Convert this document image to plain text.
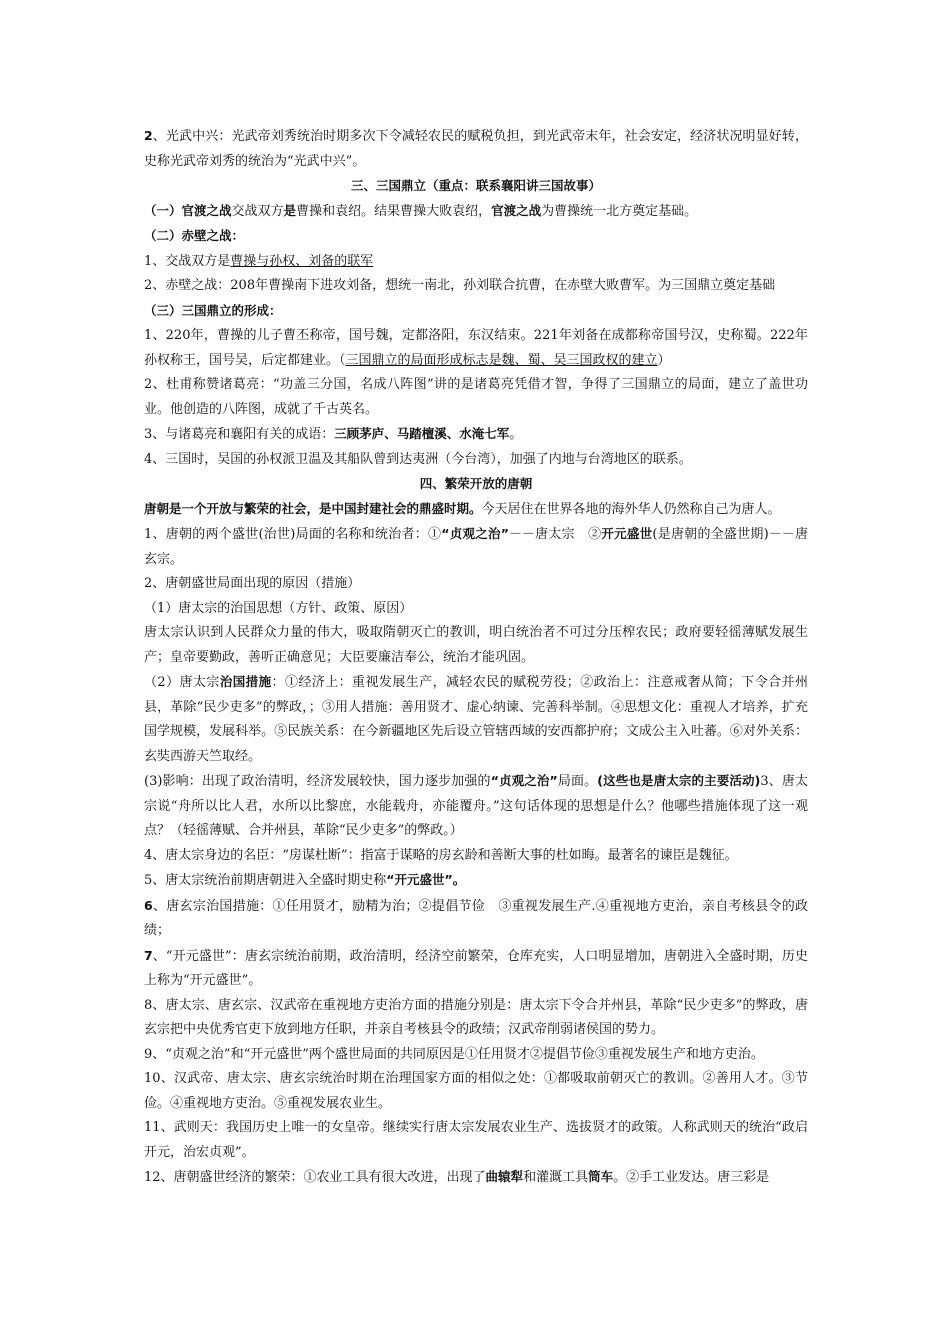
2、光武中兴：光武帝刘秀统治时期多次下令减轻农民的赋税负担，到光武帝末年，社会安定，经济状况明显好转，史称光武帝刘秀的统治为“光武中兴”。

三、三国鼎立（重点：联系襄阳讲三国故事）

（一）官渡之战交战双方是曹操和袁绍。结果曹操大败袁绍，官渡之战为曹操统一北方奠定基础。

（二）赤壁之战：

1、交战双方是曹操与孙权、刘备的联军

2、赤壁之战：208年曹操南下进攻刘备，想统一南北，孙刘联合抗曹，在赤壁大败曹军。为三国鼎立奠定基础

（三）三国鼎立的形成：

1、220年，曹操的儿子曹丕称帝，国号魏，定都洛阳，东汉结束。221年刘备在成都称帝国号汉，史称蜀。222年孙权称王，国号吴，后定都建业。（三国鼎立的局面形成标志是魏、蜀、吴三国政权的建立）

2、杜甫称赞诸葛亮：“功盖三分国，名成八阵图”讲的是诸葛亮凭借才智，争得了三国鼎立的局面，建立了盖世功业。他创造的八阵图，成就了千古英名。

3、与诸葛亮和襄阳有关的成语：三顾茅庐、马踏檀溪、水淹七军。

4、三国时，吴国的孙权派卫温及其船队曾到达夷洲（今台湾），加强了内地与台湾地区的联系。

四、繁荣开放的唐朝

唐朝是一个开放与繁荣的社会，是中国封建社会的鼎盛时期。今天居住在世界各地的海外华人仍然称自己为唐人。

1、唐朝的两个盛世(治世)局面的名称和统治者：①“贞观之治”－－唐太宗　②开元盛世(是唐朝的全盛世期)－－唐玄宗。

2、唐朝盛世局面出现的原因（措施）

（1）唐太宗的治国思想（方针、政策、原因）

唐太宗认识到人民群众力量的伟大，吸取隋朝灭亡的教训，明白统治者不可过分压榨农民；政府要轻徭薄赋发展生产；皇帝要勤政，善听正确意见；大臣要廉洁奉公，统治才能巩固。

（2）唐太宗治国措施：①经济上：重视发展生产，减轻农民的赋税劳役；②政治上：注意戒奢从简；下令合并州县，革除“民少吏多”的弊政，；③用人措施：善用贤才、虚心纳谏、完善科举制。④思想文化：重视人才培养，扩充国学规模，发展科举。⑤民族关系：在今新疆地区先后设立管辖西域的安西都护府；文成公主入吐蕃。⑥对外关系：玄奘西游天竺取经。

(3)影响：出现了政治清明，经济发展较快，国力逐步加强的“贞观之治”局面。(这些也是唐太宗的主要活动)3、唐太宗说“舟所以比人君，水所以比黎庶，水能载舟，亦能覆舟。”这句话体现的思想是什么？他哪些措施体现了这一观点？（轻徭薄赋、合并州县，革除“民少吏多”的弊政。）

4、唐太宗身边的名臣：“房谋杜断”：指富于谋略的房玄龄和善断大事的杜如晦。最著名的谏臣是魏征。

5、唐太宗统治前期唐朝进入全盛时期史称“开元盛世”。

6、唐玄宗治国措施：①任用贤才，励精为治；②提倡节俭　③重视发展生产.④重视地方吏治，亲自考核县令的政绩；

7、“开元盛世”：唐玄宗统治前期，政治清明，经济空前繁荣，仓库充实，人口明显增加，唐朝进入全盛时期，历史上称为“开元盛世”。

8、唐太宗、唐玄宗、汉武帝在重视地方吏治方面的措施分别是：唐太宗下令合并州县，革除“民少吏多”的弊政，唐玄宗把中央优秀官吏下放到地方任职，并亲自考核县令的政绩；汉武帝削弱诸侯国的势力。

9、“贞观之治”和“开元盛世”两个盛世局面的共同原因是①任用贤才②提倡节俭③重视发展生产和地方吏治。

10、汉武帝、唐太宗、唐玄宗统治时期在治理国家方面的相似之处：①都吸取前朝灭亡的教训。②善用人才。③节俭。④重视地方吏治。⑤重视发展农业生。

11、武则天：我国历史上唯一的女皇帝。继续实行唐太宗发展农业生产、选拔贤才的政策。人称武则天的统治“政启开元，治宏贞观”。

12、唐朝盛世经济的繁荣：①农业工具有很大改进，出现了曲辕犁和灌溉工具筒车。②手工业发达。唐三彩是
